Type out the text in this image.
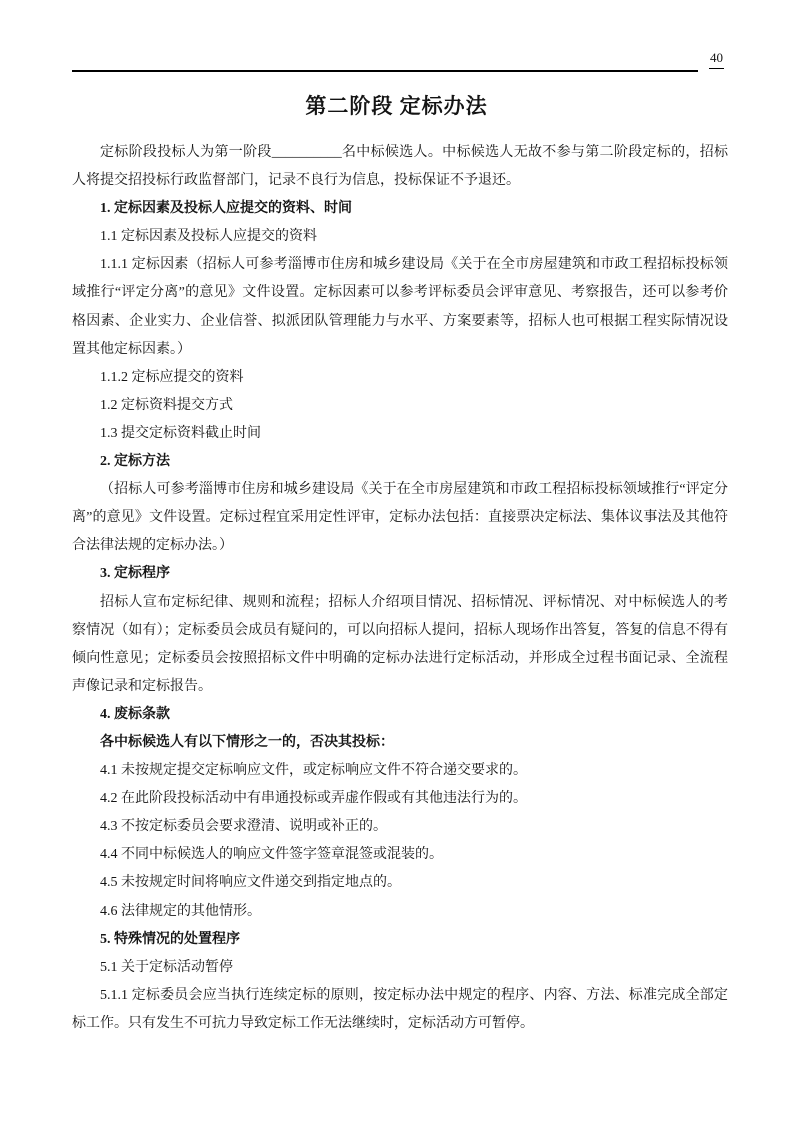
40
第二阶段 定标办法

定标阶段投标人为第一阶段__________名中标候选人。中标候选人无故不参与第二阶段定标的，招标人将提交招投标行政监督部门，记录不良行为信息，投标保证不予退还。

1. 定标因素及投标人应提交的资料、时间

1.1 定标因素及投标人应提交的资料

1.1.1 定标因素（招标人可参考淄博市住房和城乡建设局《关于在全市房屋建筑和市政工程招标投标领域推行“评定分离”的意见》文件设置。定标因素可以参考评标委员会评审意见、考察报告，还可以参考价格因素、企业实力、企业信誉、拟派团队管理能力与水平、方案要素等，招标人也可根据工程实际情况设置其他定标因素。）

1.1.2 定标应提交的资料

1.2 定标资料提交方式

1.3 提交定标资料截止时间

2. 定标方法

（招标人可参考淄博市住房和城乡建设局《关于在全市房屋建筑和市政工程招标投标领域推行“评定分离”的意见》文件设置。定标过程宜采用定性评审，定标办法包括：直接票决定标法、集体议事法及其他符合法律法规的定标办法。）

3. 定标程序

招标人宣布定标纪律、规则和流程；招标人介绍项目情况、招标情况、评标情况、对中标候选人的考察情况（如有）；定标委员会成员有疑问的，可以向招标人提问，招标人现场作出答复，答复的信息不得有倾向性意见；定标委员会按照招标文件中明确的定标办法进行定标活动，并形成全过程书面记录、全流程声像记录和定标报告。

4. 废标条款

各中标候选人有以下情形之一的，否决其投标：

4.1 未按规定提交定标响应文件，或定标响应文件不符合递交要求的。

4.2 在此阶段投标活动中有串通投标或弄虚作假或有其他违法行为的。

4.3 不按定标委员会要求澄清、说明或补正的。

4.4 不同中标候选人的响应文件签字签章混签或混装的。

4.5 未按规定时间将响应文件递交到指定地点的。

4.6 法律规定的其他情形。

5. 特殊情况的处置程序

5.1 关于定标活动暂停

5.1.1 定标委员会应当执行连续定标的原则，按定标办法中规定的程序、内容、方法、标准完成全部定标工作。只有发生不可抗力导致定标工作无法继续时，定标活动方可暂停。
